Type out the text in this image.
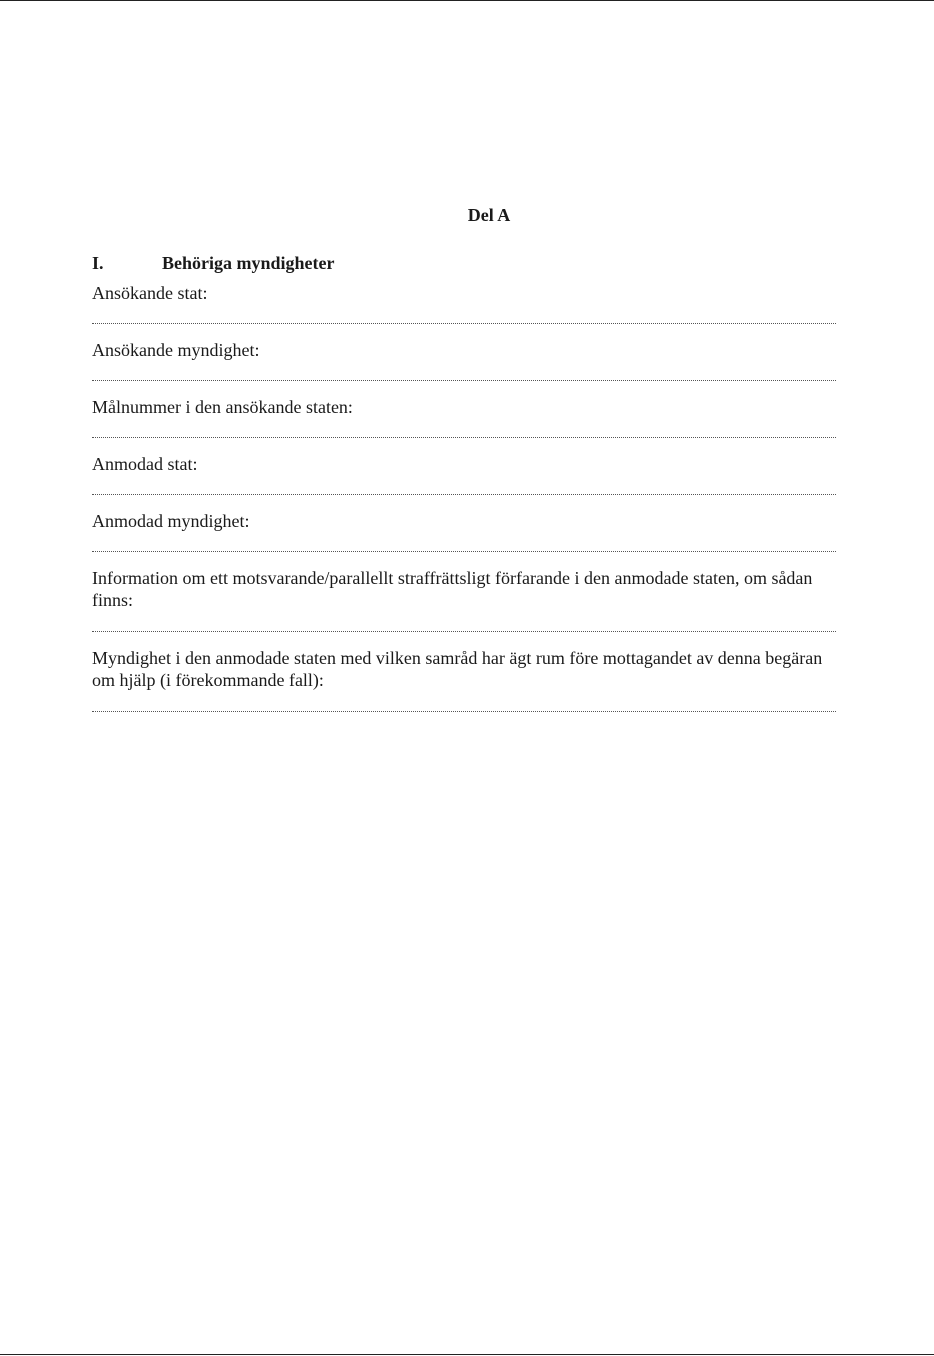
Del A
I.	Behöriga myndigheter
Ansökande stat:
Ansökande myndighet:
Målnummer i den ansökande staten:
Anmodad stat:
Anmodad myndighet:
Information om ett motsvarande/parallellt straffrättsligt förfarande i den anmodade staten, om sådan finns:
Myndighet i den anmodade staten med vilken samråd har ägt rum före mottagandet av denna begäran om hjälp (i förekommande fall):
